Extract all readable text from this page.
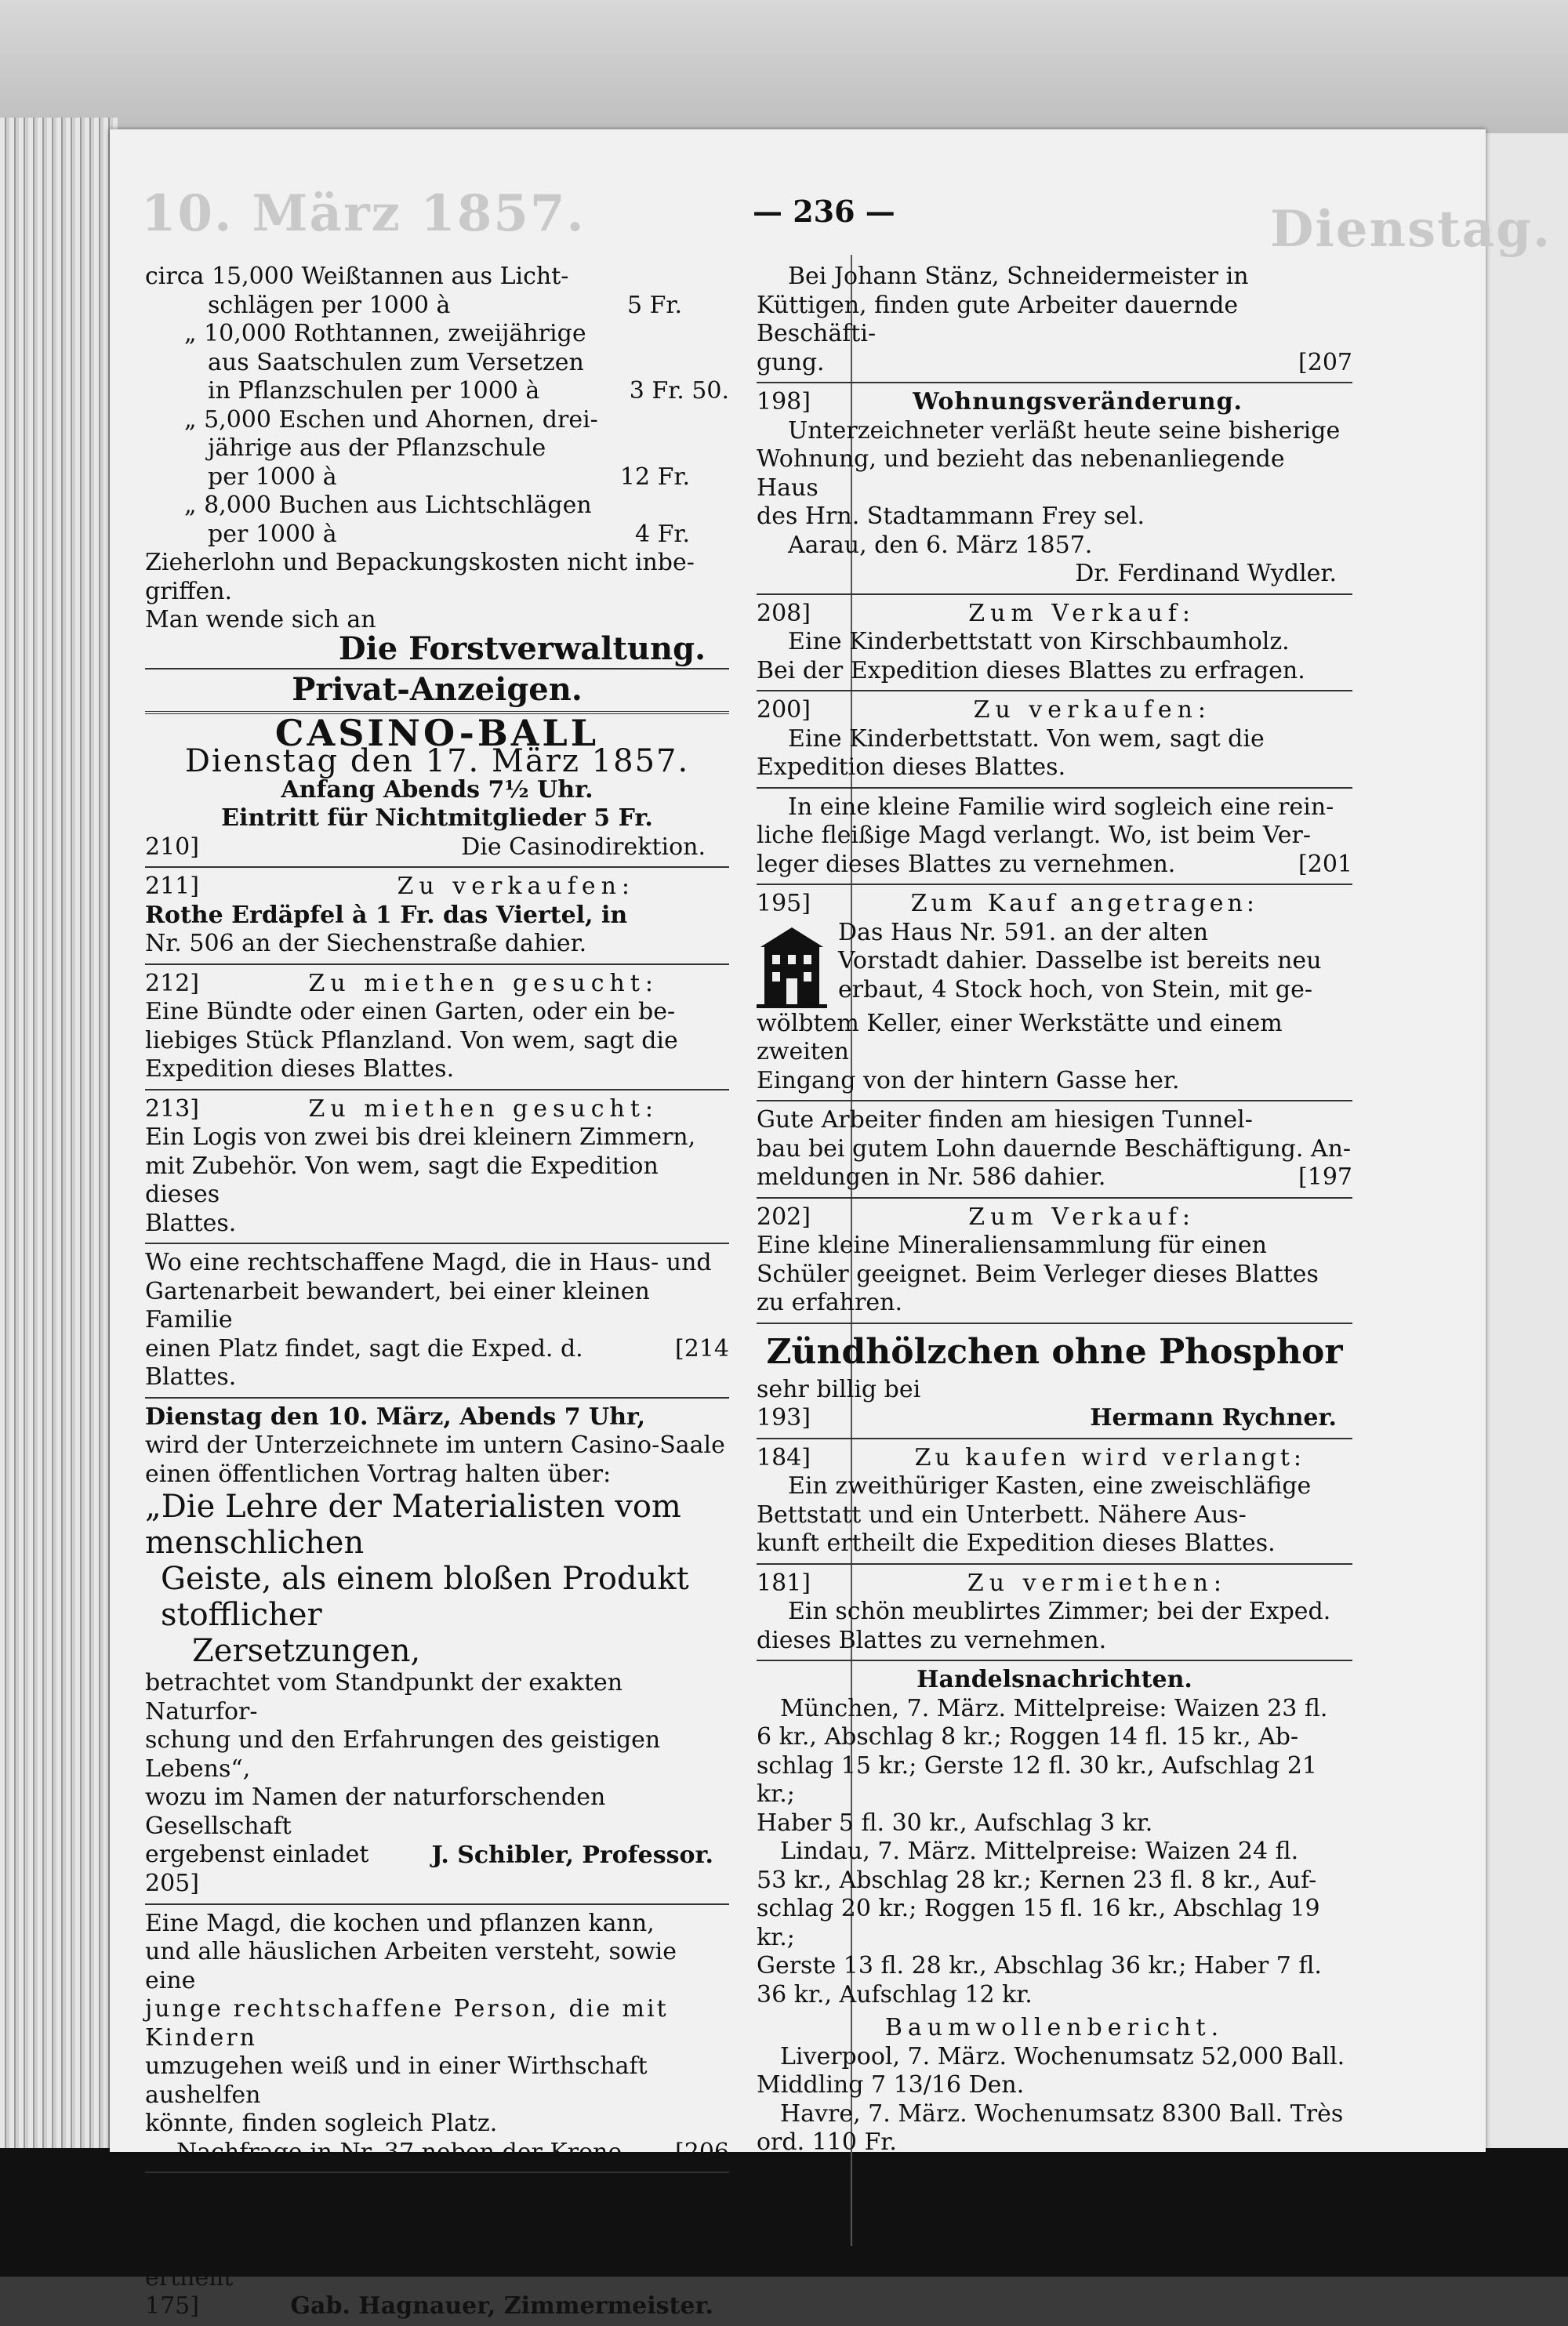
10. März 1857.	Dienstag.
— 236 —

circa 15,000 Weißtannen aus Licht-

schlägen per 1000 à	5 Fr.

„ 10,000 Rothtannen, zweijährige

aus Saatschulen zum Versetzen

in Pflanzschulen per 1000 à	3 Fr. 50.

„ 5,000 Eschen und Ahornen, drei-

jährige aus der Pflanzschule

per 1000 à	12 Fr.

„ 8,000 Buchen aus Lichtschlägen

per 1000 à	4 Fr.

Zieherlohn und Bepackungskosten nicht inbe-

griffen.

Man wende sich an

Die Forstverwaltung.

Privat-Anzeigen.

CASINO-BALL

Dienstag den 17. März 1857.

Anfang Abends 7½ Uhr.

Eintritt für Nichtmitglieder 5 Fr.

210]	Die Casinodirektion.
211]	Zu verkaufen:

Rothe Erdäpfel à 1 Fr. das Viertel, in

Nr. 506 an der Siechenstraße dahier.

212]	Zu miethen gesucht:

Eine Bündte oder einen Garten, oder ein be-

liebiges Stück Pflanzland. Von wem, sagt die

Expedition dieses Blattes.

213]	Zu miethen gesucht:

Ein Logis von zwei bis drei kleinern Zimmern,

mit Zubehör. Von wem, sagt die Expedition dieses

Blattes.

Wo eine rechtschaffene Magd, die in Haus- und

Gartenarbeit bewandert, bei einer kleinen Familie

einen Platz findet, sagt die Exped. d. Blattes.
[214

Dienstag den 10. März, Abends 7 Uhr,

wird der Unterzeichnete im untern Casino-Saale

einen öffentlichen Vortrag halten über:

„Die Lehre der Materialisten vom menschlichen

Geiste, als einem bloßen Produkt stofflicher

Zersetzungen,

betrachtet vom Standpunkt der exakten Naturfor-

schung und den Erfahrungen des geistigen Lebens“,

wozu im Namen der naturforschenden Gesellschaft

ergebenst einladet	J. Schibler, Professor.

205]

Eine Magd, die kochen und pflanzen kann,

und alle häuslichen Arbeiten versteht, sowie eine

junge rechtschaffene Person, die mit Kindern

umzugehen weiß und in einer Wirthschaft aushelfen

könnte, finden sogleich Platz.

Nachfrage in Nr. 37 neben der Krone. [206

Zu verkaufen oder zu vermiethen:

Die sogenannte Badstube mit Wirthschaft,

Badeinrichtung und Holzhaus. Nähere Auskunft

ertheilt

175]	Gab. Hagnauer, Zimmermeister.

Bei Johann Stänz, Schneidermeister in

Küttigen, finden gute Arbeiter dauernde Beschäfti-

gung.	[207
198]	Wohnungsveränderung.

Unterzeichneter verläßt heute seine bisherige

Wohnung, und bezieht das nebenanliegende Haus

des Hrn. Stadtammann Frey sel.

Aarau, den 6. März 1857.

Dr. Ferdinand Wydler.

208]	Zum Verkauf:

Eine Kinderbettstatt von Kirschbaumholz.

Bei der Expedition dieses Blattes zu erfragen.

200]	Zu verkaufen:

Eine Kinderbettstatt. Von wem, sagt die

Expedition dieses Blattes.

In eine kleine Familie wird sogleich eine rein-

liche fleißige Magd verlangt. Wo, ist beim Ver-

leger dieses Blattes zu vernehmen.	[201
195]	Zum Kauf angetragen:

Das Haus Nr. 591. an der alten

Vorstadt dahier. Dasselbe ist bereits neu

erbaut, 4 Stock hoch, von Stein, mit ge-

wölbtem Keller, einer Werkstätte und einem zweiten

Eingang von der hintern Gasse her.

Gute Arbeiter finden am hiesigen Tunnel-

bau bei gutem Lohn dauernde Beschäftigung. An-

meldungen in Nr. 586 dahier.	[197
202]	Zum Verkauf:

Eine kleine Mineraliensammlung für einen

Schüler geeignet. Beim Verleger dieses Blattes

zu erfahren.

Zündhölzchen ohne Phosphor

sehr billig bei

193]	Hermann Rychner.
184]	Zu kaufen wird verlangt:

Ein zweithüriger Kasten, eine zweischläfige

Bettstatt und ein Unterbett. Nähere Aus-

kunft ertheilt die Expedition dieses Blattes.

181]	Zu vermiethen:

Ein schön meublirtes Zimmer; bei der Exped.

dieses Blattes zu vernehmen.

Handelsnachrichten.

München, 7. März. Mittelpreise: Waizen 23 fl.

6 kr., Abschlag 8 kr.; Roggen 14 fl. 15 kr., Ab-

schlag 15 kr.; Gerste 12 fl. 30 kr., Aufschlag 21 kr.;

Haber 5 fl. 30 kr., Aufschlag 3 kr.

Lindau, 7. März. Mittelpreise: Waizen 24 fl.

53 kr., Abschlag 28 kr.; Kernen 23 fl. 8 kr., Auf-

schlag 20 kr.; Roggen 15 fl. 16 kr., Abschlag 19 kr.;

Gerste 13 fl. 28 kr., Abschlag 36 kr.; Haber 7 fl.

36 kr., Aufschlag 12 kr.

Baumwollenbericht.

Liverpool, 7. März. Wochenumsatz 52,000 Ball.

Middling 7 13/16 Den.

Havre, 7. März. Wochenumsatz 8300 Ball. Très

ord. 110 Fr.
